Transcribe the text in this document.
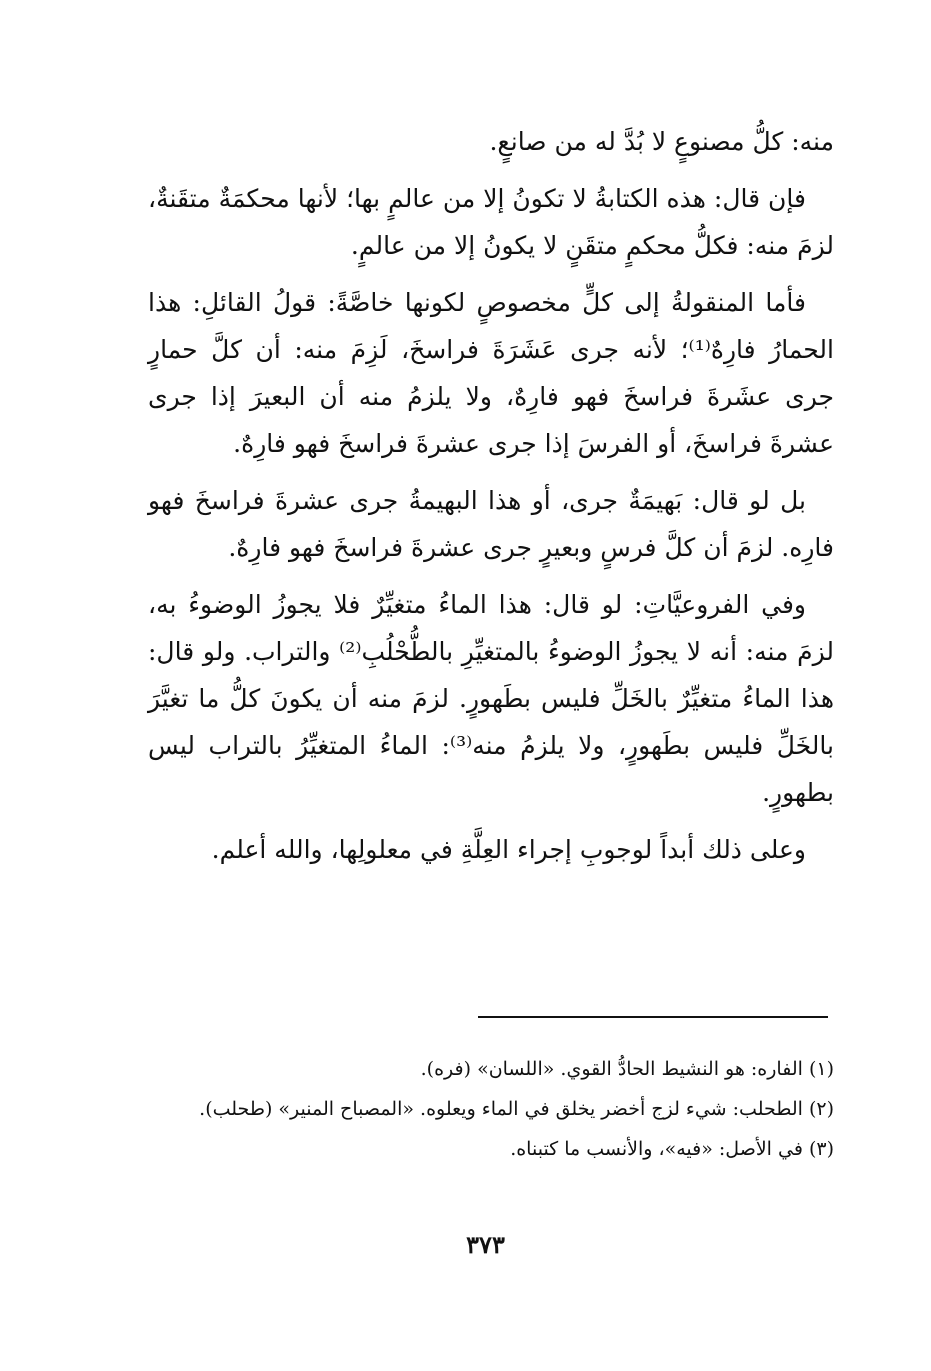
منه: كلُّ مصنوعٍ لا بُدَّ له من صانعٍ.

فإن قال: هذه الكتابةُ لا تكونُ إلا من عالمٍ بها؛ لأنها محكمَةٌ متقَنةٌ، لزمَ منه: فكلُّ محكمٍ متقَنٍ لا يكونُ إلا من عالمٍ.

فأما المنقولةُ إلى كلٍّ مخصوصٍ لكونها خاصَّةً: قولُ القائلِ: هذا الحمارُ فارِهٌ⁽¹⁾؛ لأنه جرى عَشَرَةَ فراسخَ، لَزِمَ منه: أن كلَّ حمارٍ جرى عشَرةَ فراسخَ فهو فارِهٌ، ولا يلزمُ منه أن البعيرَ إذا جرى عشرةَ فراسخَ، أو الفرسَ إذا جرى عشرةَ فراسخَ فهو فارِهٌ.

بل لو قال: بَهيمَةٌ جرى، أو هذا البهيمةُ جرى عشرةَ فراسخَ فهو فارِه. لزمَ أن كلَّ فرسٍ وبعيرٍ جرى عشرةَ فراسخَ فهو فارِهٌ.

وفي الفروعيَّاتِ: لو قال: هذا الماءُ متغيِّرٌ فلا يجوزُ الوضوءُ به، لزمَ منه: أنه لا يجوزُ الوضوءُ بالمتغيِّرِ بالطُّحْلُبِ⁽²⁾ والتراب. ولو قال: هذا الماءُ متغيِّرٌ بالخَلِّ فليس بطَهورٍ. لزمَ منه أن يكونَ كلُّ ما تغيَّرَ بالخَلِّ فليس بطَهورٍ، ولا يلزمُ منه⁽³⁾: الماءُ المتغيِّرُ بالتراب ليس بطهورٍ.

وعلى ذلك أبداً لوجوبِ إجراء العِلَّةِ في معلولِها، والله أعلم.

(١) الفاره: هو النشيط الحادُّ القوي. «اللسان» (فره).

(٢) الطحلب: شيء لزج أخضر يخلق في الماء ويعلوه. «المصباح المنير» (طحلب).

(٣) في الأصل: «فيه»، والأنسب ما كتبناه.

٣٧٣
